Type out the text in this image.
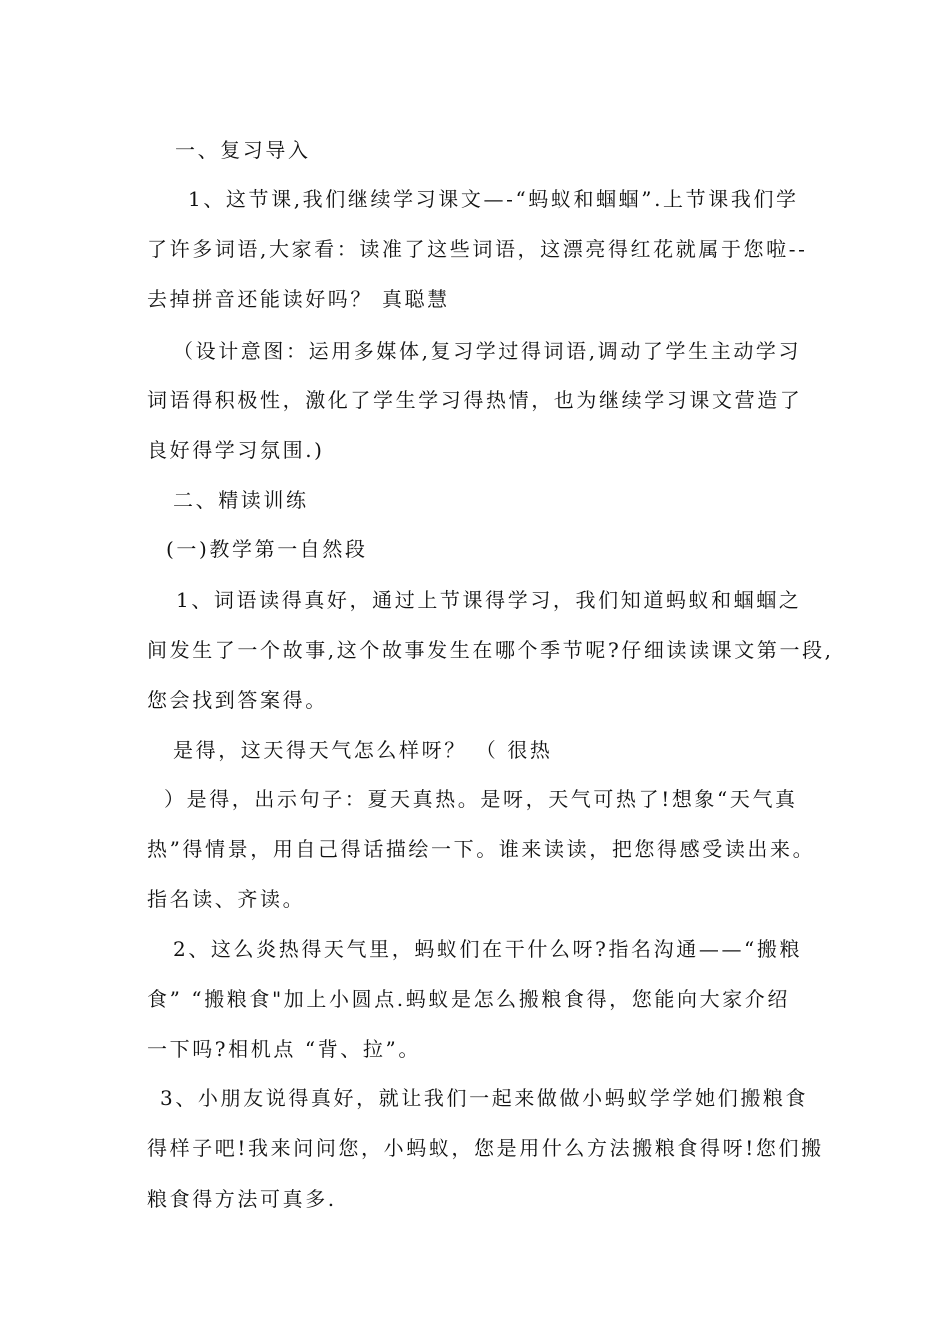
一、复习导入
1、这节课,我们继续学习课文—-“蚂蚁和蝈蝈”.上节课我们学
了许多词语,大家看：读准了这些词语，这漂亮得红花就属于您啦--
去掉拼音还能读好吗？ 真聪慧
（设计意图：运用多媒体,复习学过得词语,调动了学生主动学习
词语得积极性，激化了学生学习得热情，也为继续学习课文营造了
良好得学习氛围.)
二、精读训练
(一)教学第一自然段
1、词语读得真好，通过上节课得学习，我们知道蚂蚁和蝈蝈之
间发生了一个故事,这个故事发生在哪个季节呢?仔细读读课文第一段,
您会找到答案得。
是得，这天得天气怎么样呀？ （ 很热
）是得，出示句子：夏天真热。是呀，天气可热了!想象“天气真
热”得情景，用自己得话描绘一下。谁来读读，把您得感受读出来。
指名读、齐读。
2、这么炎热得天气里，蚂蚁们在干什么呀?指名沟通——“搬粮
食” “搬粮食"加上小圆点.蚂蚁是怎么搬粮食得，您能向大家介绍
一下吗?相机点 “背、拉”。
3、小朋友说得真好，就让我们一起来做做小蚂蚁学学她们搬粮食
得样子吧!我来问问您，小蚂蚁，您是用什么方法搬粮食得呀!您们搬
粮食得方法可真多.
